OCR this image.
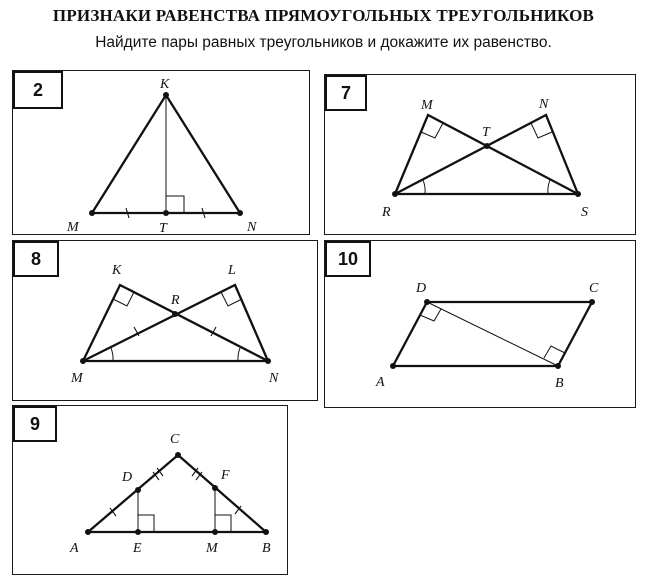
ПРИЗНАКИ РАВЕНСТВА ПРЯМОУГОЛЬНЫХ ТРЕУГОЛЬНИКОВ
Найдите пары равных треугольников и докажите их равенство.
2	K
M	T	N
7
M	N
T
R	S
8
K	L
R
M	N
10
D	C
A	B
9
C
D	F
A	E	M	B
